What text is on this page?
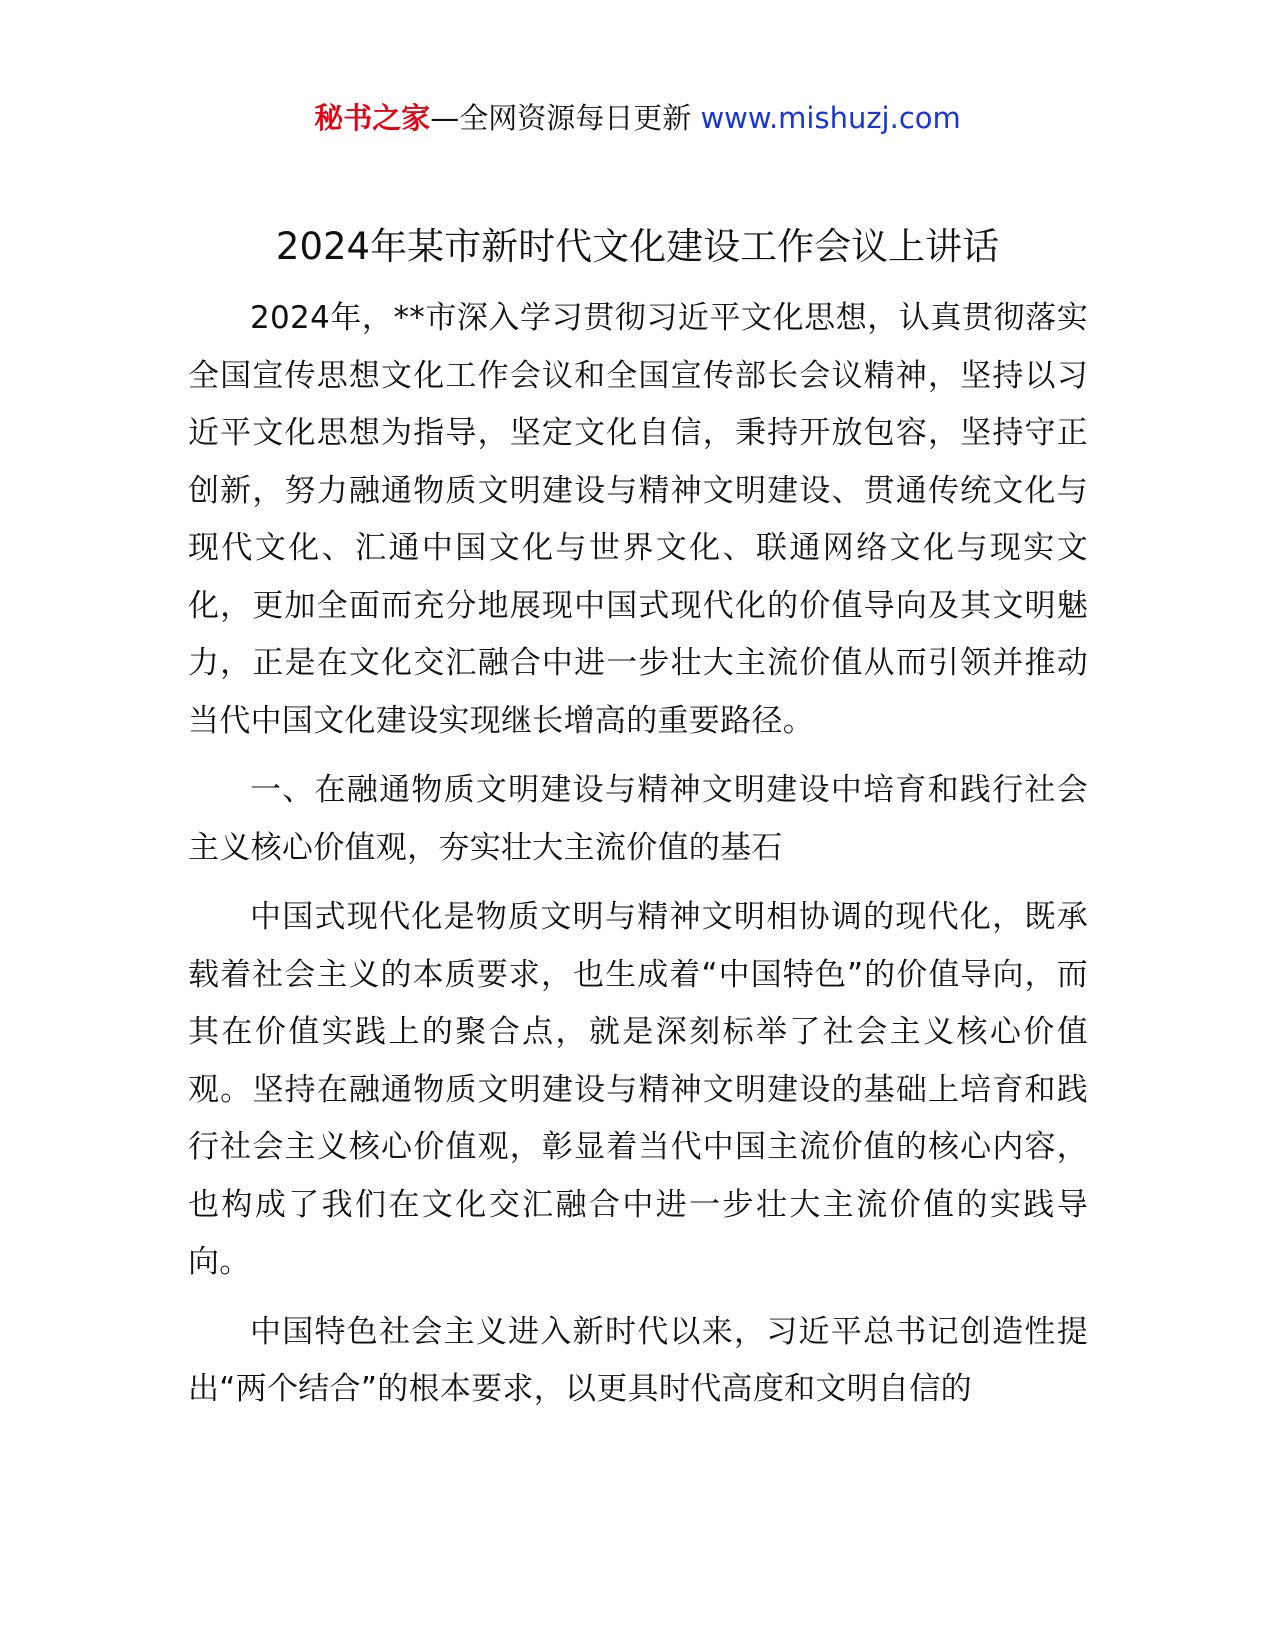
秘书之家—全网资源每日更新 www.mishuzj.com
2024年某市新时代文化建设工作会议上讲话

2024年，**市深入学习贯彻习近平文化思想，认真贯彻落实全国宣传思想文化工作会议和全国宣传部长会议精神，坚持以习近平文化思想为指导，坚定文化自信，秉持开放包容，坚持守正创新，努力融通物质文明建设与精神文明建设、贯通传统文化与现代文化、汇通中国文化与世界文化、联通网络文化与现实文化，更加全面而充分地展现中国式现代化的价值导向及其文明魅力，正是在文化交汇融合中进一步壮大主流价值从而引领并推动当代中国文化建设实现继长增高的重要路径。

一、在融通物质文明建设与精神文明建设中培育和践行社会主义核心价值观，夯实壮大主流价值的基石

中国式现代化是物质文明与精神文明相协调的现代化，既承载着社会主义的本质要求，也生成着“中国特色”的价值导向，而其在价值实践上的聚合点，就是深刻标举了社会主义核心价值观。坚持在融通物质文明建设与精神文明建设的基础上培育和践行社会主义核心价值观，彰显着当代中国主流价值的核心内容，也构成了我们在文化交汇融合中进一步壮大主流价值的实践导向。

中国特色社会主义进入新时代以来，习近平总书记创造性提出“两个结合”的根本要求，以更具时代高度和文明自信的
